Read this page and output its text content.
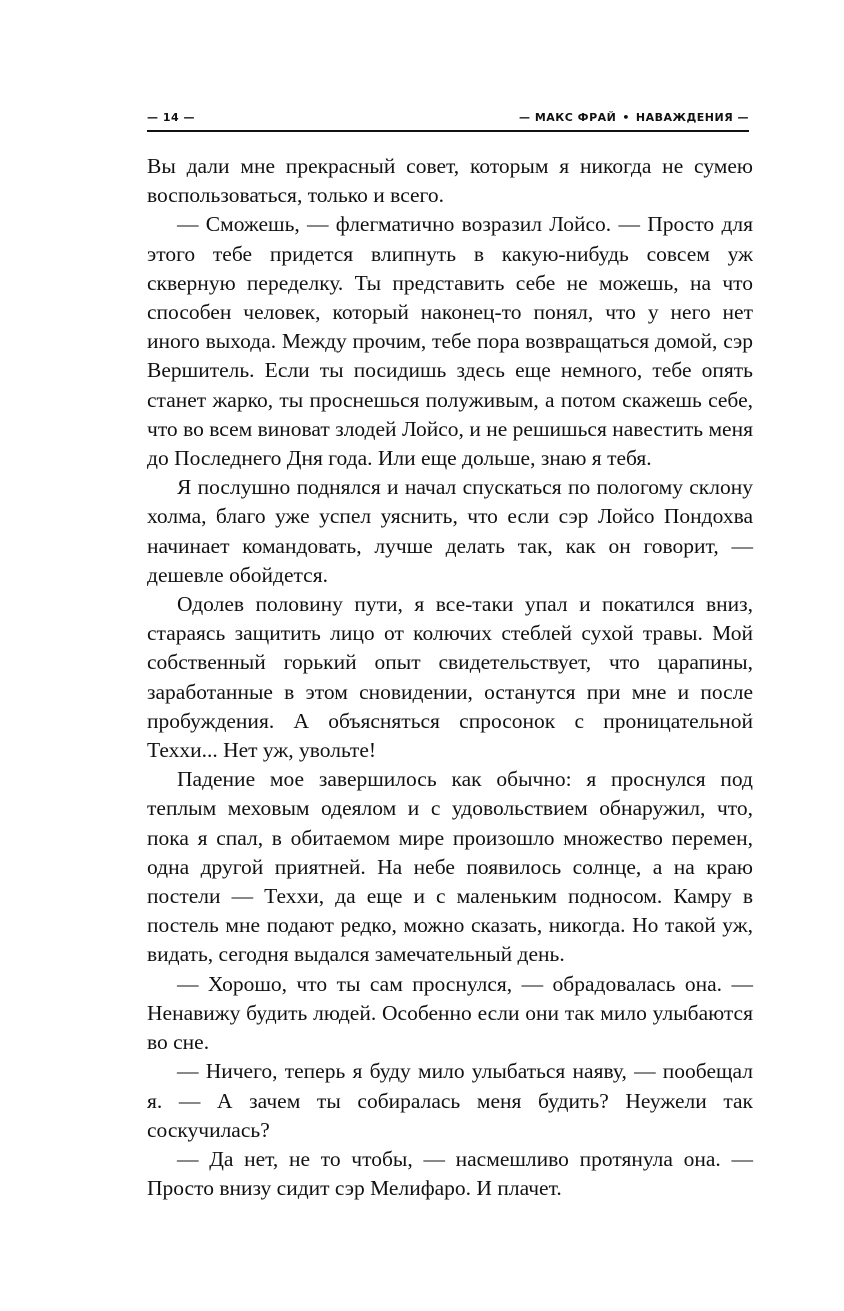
— 14 —	— МАКС ФРАЙ • НАВАЖДЕНИЯ —

Вы дали мне прекрасный совет, которым я никогда не сумею воспользоваться, только и всего.

— Сможешь, — флегматично возразил Лойсо. — Просто для этого тебе придется влипнуть в какую-нибудь совсем уж скверную переделку. Ты представить себе не можешь, на что способен человек, который наконец-то понял, что у него нет иного выхода. Между прочим, тебе пора возвращаться домой, сэр Вершитель. Если ты посидишь здесь еще немного, тебе опять станет жарко, ты проснешься полуживым, а потом скажешь себе, что во всем виноват злодей Лойсо, и не решишься навестить меня до Последнего Дня года. Или еще дольше, знаю я тебя.

Я послушно поднялся и начал спускаться по пологому склону холма, благо уже успел уяснить, что если сэр Лойсо Пондохва начинает командовать, лучше делать так, как он говорит, — дешевле обойдется.

Одолев половину пути, я все-таки упал и покатился вниз, стараясь защитить лицо от колючих стеблей сухой травы. Мой собственный горький опыт свидетельствует, что царапины, заработанные в этом сновидении, останутся при мне и после пробуждения. А объясняться спросонок с проницательной Теххи... Нет уж, увольте!

Падение мое завершилось как обычно: я проснулся под теплым меховым одеялом и с удовольствием обнаружил, что, пока я спал, в обитаемом мире произошло множество перемен, одна другой приятней. На небе появилось солнце, а на краю постели — Теххи, да еще и с маленьким подносом. Камру в постель мне подают редко, можно сказать, никогда. Но такой уж, видать, сегодня выдался замечательный день.

— Хорошо, что ты сам проснулся, — обрадовалась она. — Ненавижу будить людей. Особенно если они так мило улыбаются во сне.

— Ничего, теперь я буду мило улыбаться наяву, — пообещал я. — А зачем ты собиралась меня будить? Неужели так соскучилась?

— Да нет, не то чтобы, — насмешливо протянула она. — Просто внизу сидит сэр Мелифаро. И плачет.
